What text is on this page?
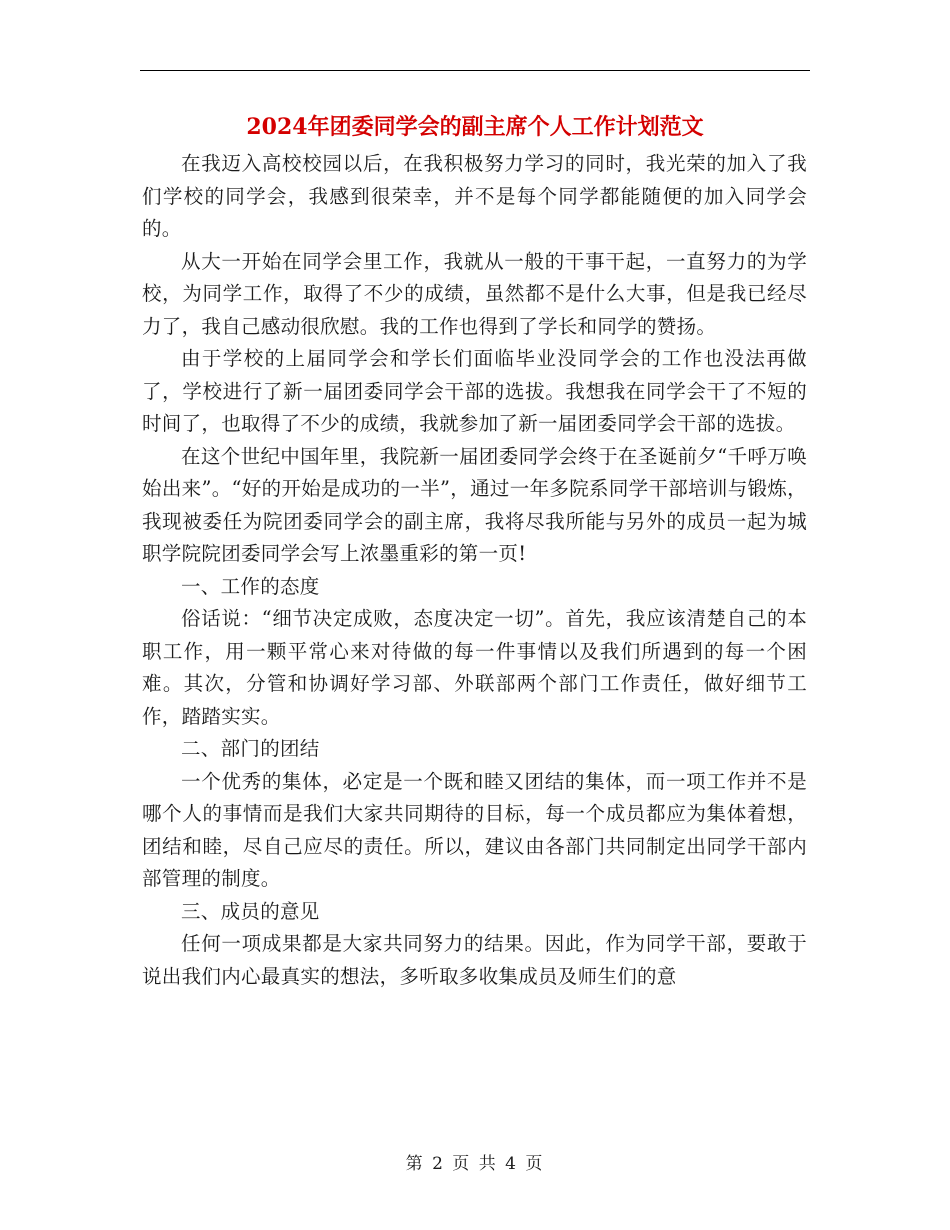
2024年团委同学会的副主席个人工作计划范文

在我迈入高校校园以后，在我积极努力学习的同时，我光荣的加入了我们学校的同学会，我感到很荣幸，并不是每个同学都能随便的加入同学会的。

从大一开始在同学会里工作，我就从一般的干事干起，一直努力的为学校，为同学工作，取得了不少的成绩，虽然都不是什么大事，但是我已经尽力了，我自己感动很欣慰。我的工作也得到了学长和同学的赞扬。

由于学校的上届同学会和学长们面临毕业没同学会的工作也没法再做了，学校进行了新一届团委同学会干部的选拔。我想我在同学会干了不短的时间了，也取得了不少的成绩，我就参加了新一届团委同学会干部的选拔。

在这个世纪中国年里，我院新一届团委同学会终于在圣诞前夕“千呼万唤始出来”。“好的开始是成功的一半”，通过一年多院系同学干部培训与锻炼，我现被委任为院团委同学会的副主席，我将尽我所能与另外的成员一起为城职学院院团委同学会写上浓墨重彩的第一页!

一、工作的态度

俗话说：“细节决定成败，态度决定一切”。首先，我应该清楚自己的本职工作，用一颗平常心来对待做的每一件事情以及我们所遇到的每一个困难。其次，分管和协调好学习部、外联部两个部门工作责任，做好细节工作，踏踏实实。

二、部门的团结

一个优秀的集体，必定是一个既和睦又团结的集体，而一项工作并不是哪个人的事情而是我们大家共同期待的目标，每一个成员都应为集体着想，团结和睦，尽自己应尽的责任。所以，建议由各部门共同制定出同学干部内部管理的制度。

三、成员的意见

任何一项成果都是大家共同努力的结果。因此，作为同学干部，要敢于说出我们内心最真实的想法，多听取多收集成员及师生们的意

第 2 页 共 4 页
